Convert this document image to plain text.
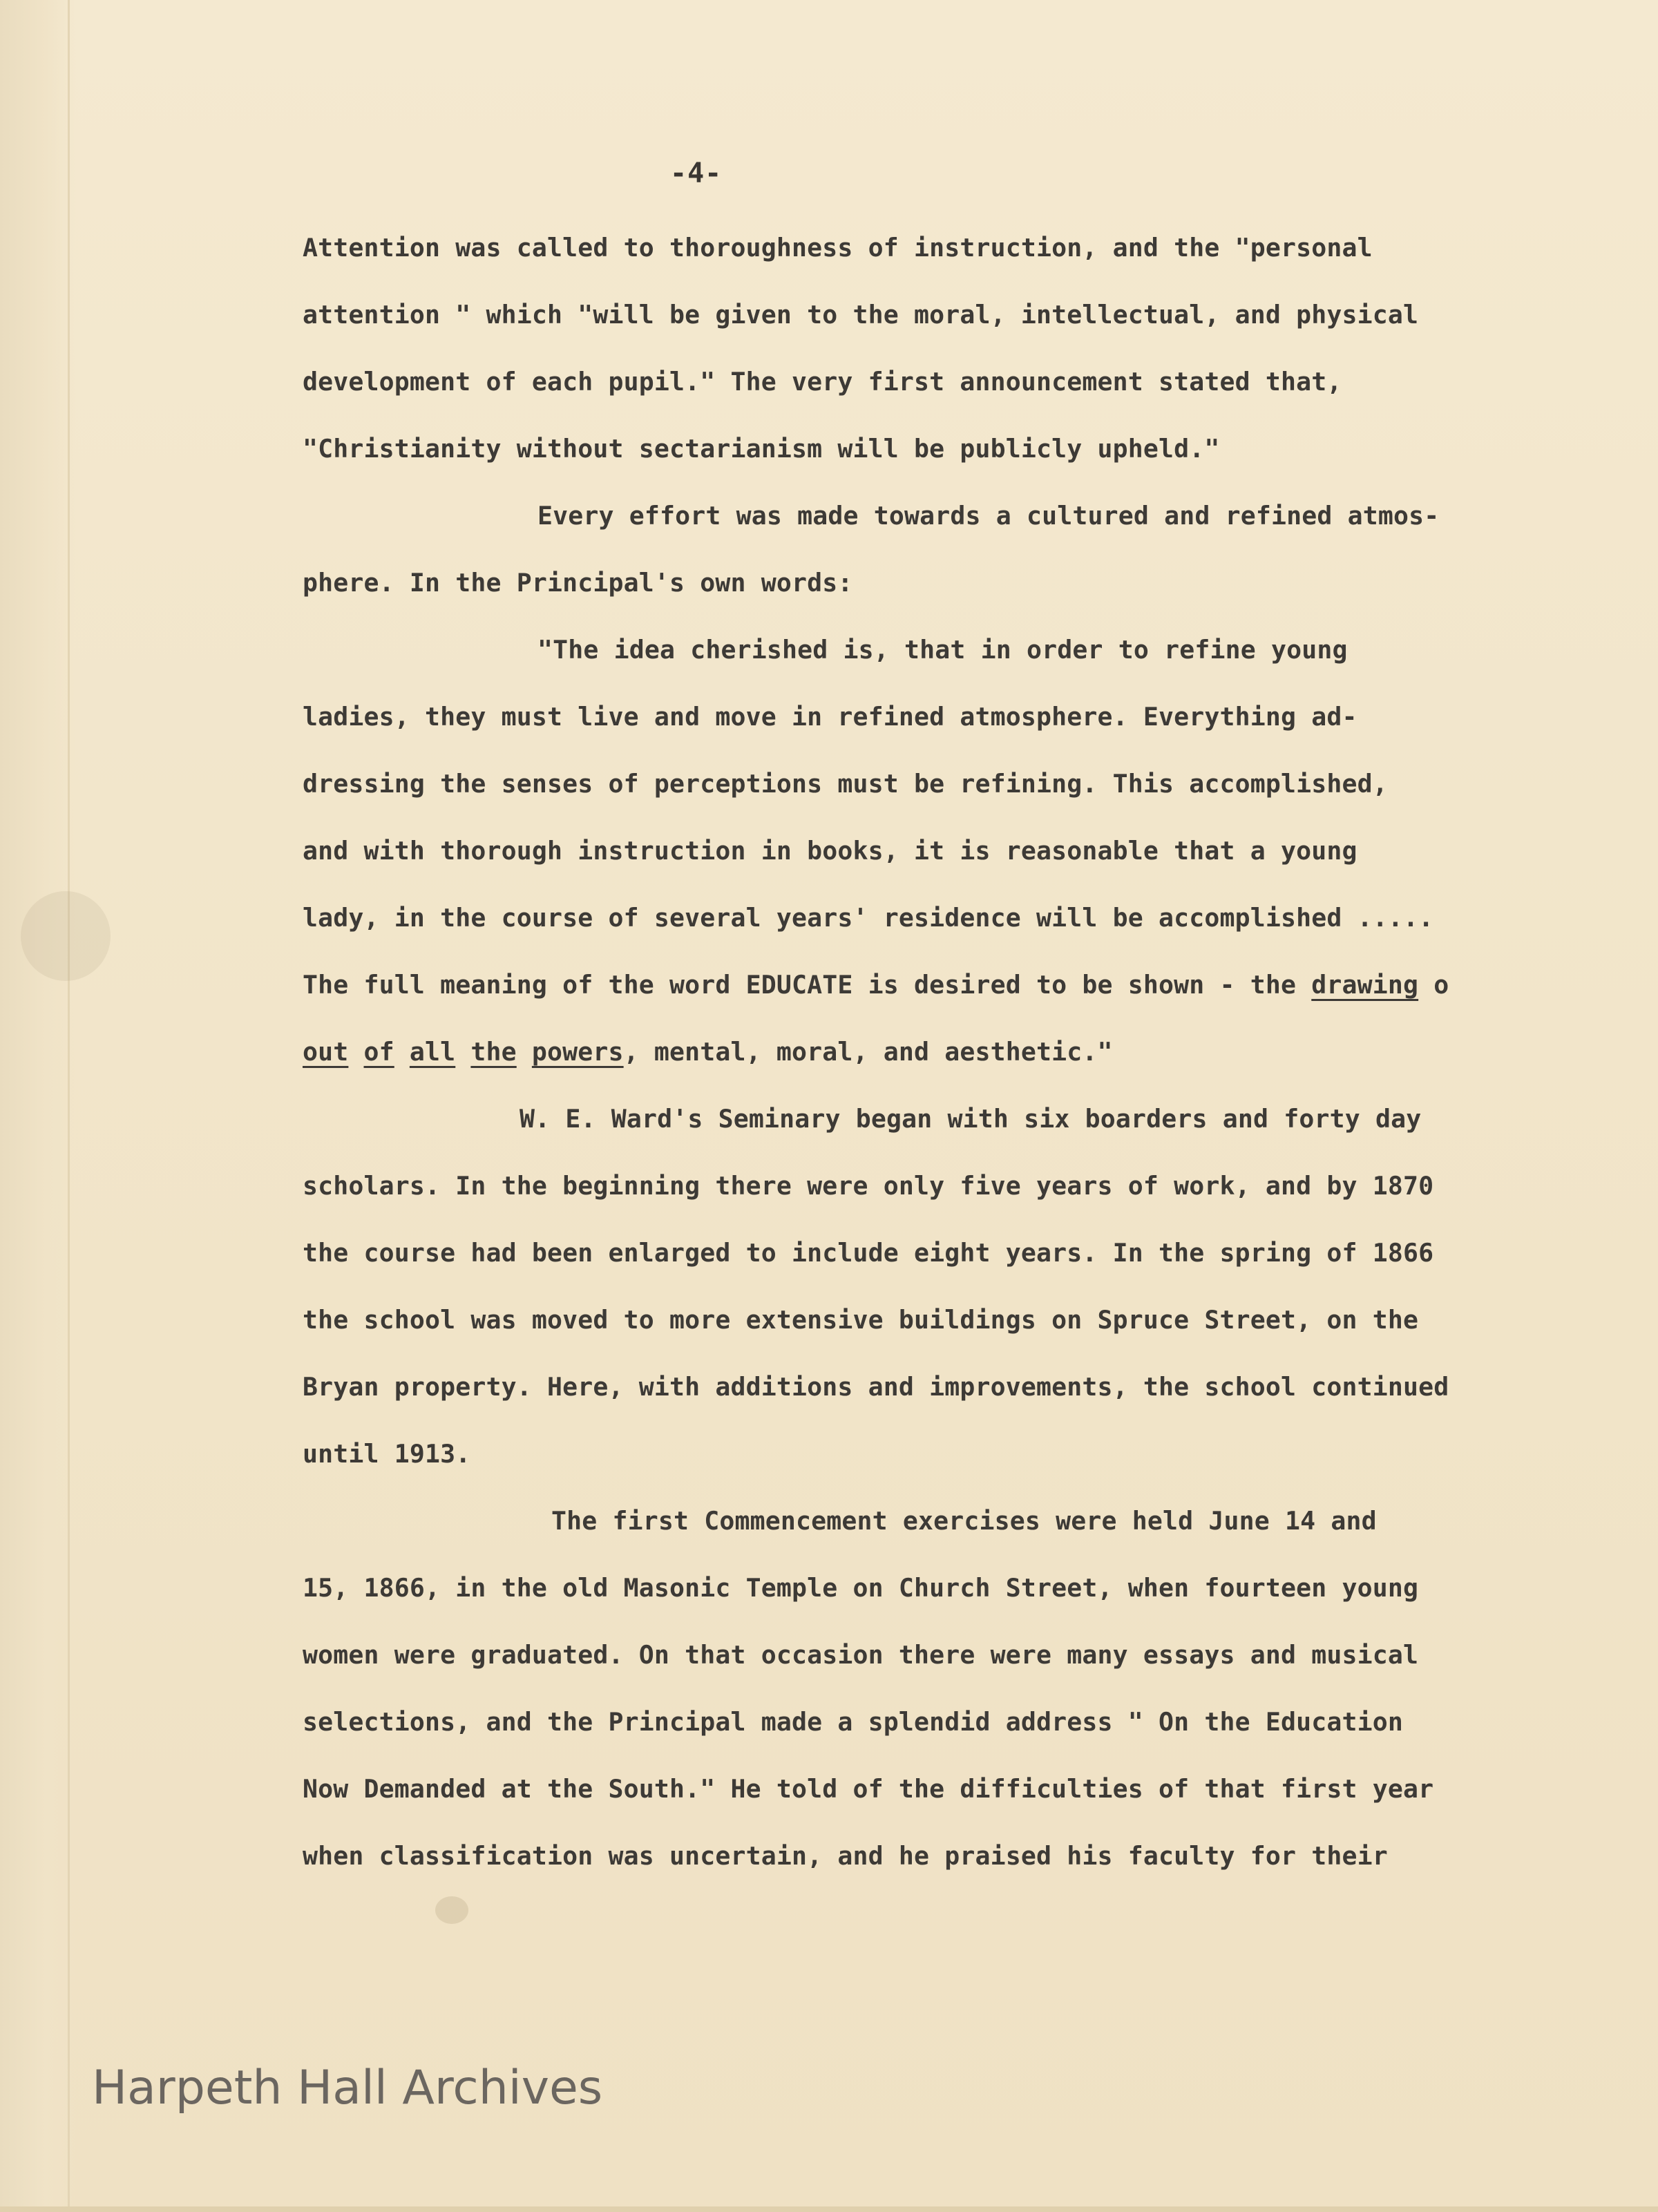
-4-
Attention was called to thoroughness of instruction, and the "personal
attention " which "will be given to the moral, intellectual, and physical
development of each pupil." The very first announcement stated that,
"Christianity without sectarianism will be publicly upheld."
Every effort was made towards a cultured and refined atmos-
phere. In the Principal's own words:
"The idea cherished is, that in order to refine young
ladies, they must live and move in refined atmosphere. Everything ad-
dressing the senses of perceptions must be refining. This accomplished,
and with thorough instruction in books, it is reasonable that a young
lady, in the course of several years' residence will be accomplished .....
The full meaning of the word EDUCATE is desired to be shown - the drawing o
out of all the powers, mental, moral, and aesthetic."
W. E. Ward's Seminary began with six boarders and forty day
scholars. In the beginning there were only five years of work, and by 1870
the course had been enlarged to include eight years. In the spring of 1866
the school was moved to more extensive buildings on Spruce Street, on the
Bryan property. Here, with additions and improvements, the school continued
until 1913.
The first Commencement exercises were held June 14 and
15, 1866, in the old Masonic Temple on Church Street, when fourteen young
women were graduated. On that occasion there were many essays and musical
selections, and the Principal made a splendid address " On the Education
Now Demanded at the South." He told of the difficulties of that first year
when classification was uncertain, and he praised his faculty for their
Harpeth Hall Archives
